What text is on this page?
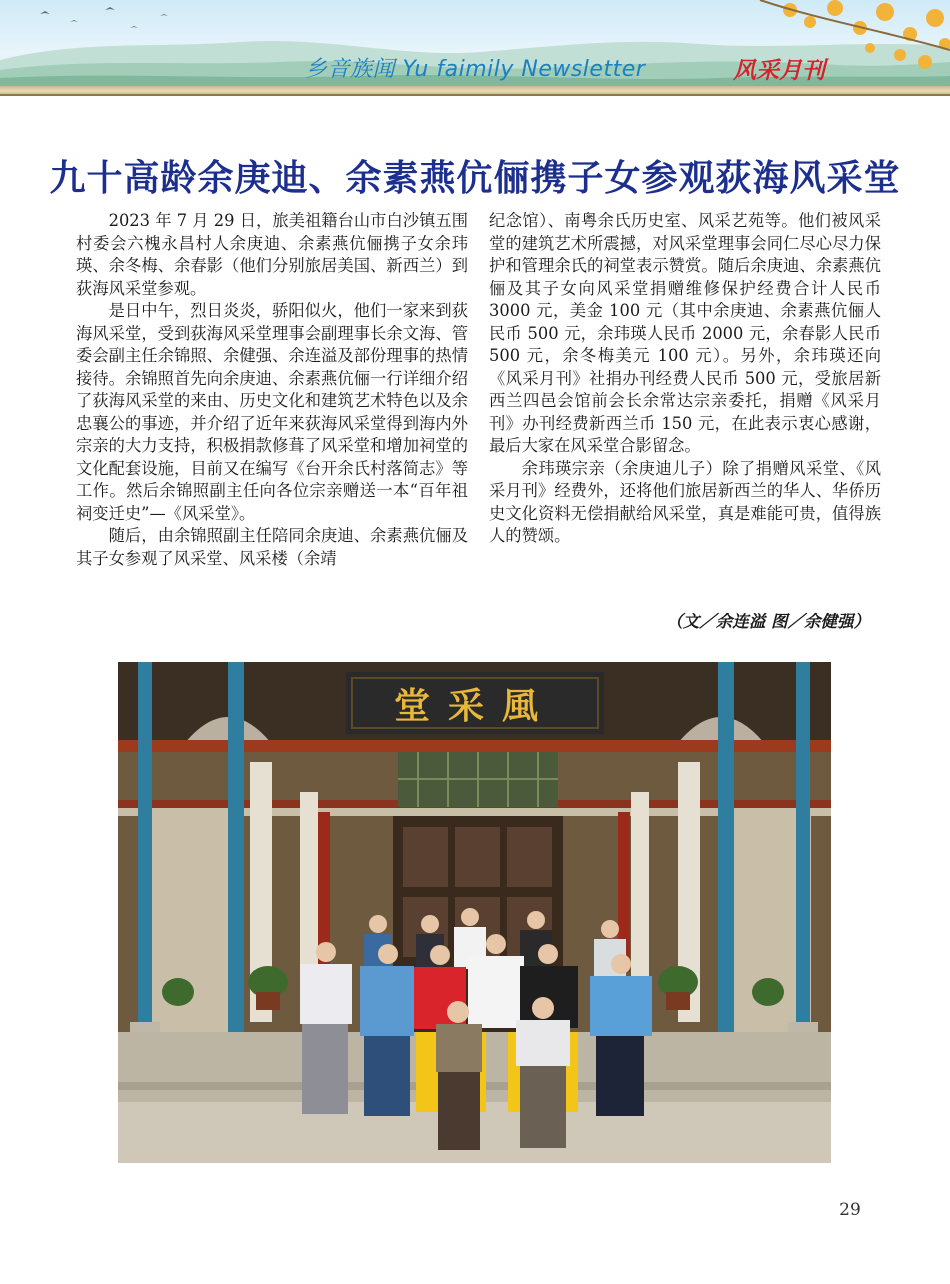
乡音族闻 Yu faimily Newsletter	风采月刊
九十高龄余庚迪、余素燕伉俪携子女参观荻海风采堂

2023 年 7 月 29 日，旅美祖籍台山市白沙镇五围村委会六槐永昌村人余庚迪、余素燕伉俪携子女余玮瑛、余冬梅、余春影（他们分别旅居美国、新西兰）到荻海风采堂参观。

是日中午，烈日炎炎，骄阳似火，他们一家来到荻海风采堂，受到荻海风采堂理事会副理事长余文海、管委会副主任余锦照、余健强、余连溢及部份理事的热情接待。余锦照首先向余庚迪、余素燕伉俪一行详细介绍了荻海风采堂的来由、历史文化和建筑艺术特色以及余忠襄公的事迹，并介绍了近年来荻海风采堂得到海内外宗亲的大力支持，积极捐款修葺了风采堂和增加祠堂的文化配套设施，目前又在编写《台开余氏村落简志》等工作。然后余锦照副主任向各位宗亲赠送一本“百年祖祠变迁史”—《风采堂》。

随后，由余锦照副主任陪同余庚迪、余素燕伉俪及其子女参观了风采堂、风采楼（余靖

纪念馆）、南粤余氏历史室、风采艺苑等。他们被风采堂的建筑艺术所震撼，对风采堂理事会同仁尽心尽力保护和管理余氏的祠堂表示赞赏。随后余庚迪、余素燕伉俪及其子女向风采堂捐赠维修保护经费合计人民币 3000 元，美金 100 元（其中余庚迪、余素燕伉俪人民币 500 元，余玮瑛人民币 2000 元，余春影人民币 500 元，余冬梅美元 100 元）。另外，余玮瑛还向《风采月刊》社捐办刊经费人民币 500 元，受旅居新西兰四邑会馆前会长余常达宗亲委托，捐赠《风采月刊》办刊经费新西兰币 150 元，在此表示衷心感谢，最后大家在风采堂合影留念。

余玮瑛宗亲（余庚迪儿子）除了捐赠风采堂、《风采月刊》经费外，还将他们旅居新西兰的华人、华侨历史文化资料无偿捐献给风采堂，真是难能可贵，值得族人的赞颂。

（文／余连溢 图／余健强）
堂采風
29
